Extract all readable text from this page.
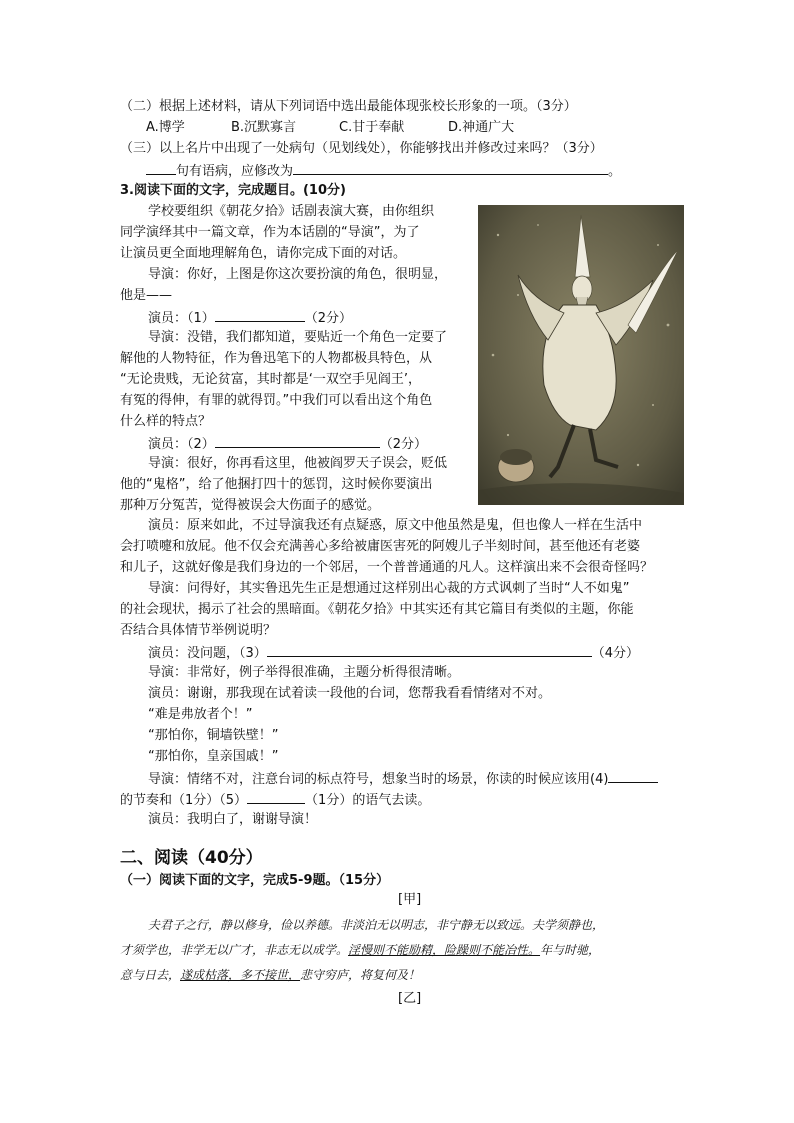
（二）根据上述材料，请从下列词语中选出最能体现张校长形象的一项。（3分）
A.博学	B.沉默寡言	C.甘于奉献	D.神通广大
（三）以上名片中出现了一处病句（见划线处），你能够找出并修改过来吗？（3分）
句有语病，应修改为	。
3.阅读下面的文字，完成题目。(10分)
学校要组织《朝花夕拾》话剧表演大赛，由你组织
同学演绎其中一篇文章，作为本话剧的“导演”，为了
让演员更全面地理解角色，请你完成下面的对话。
导演：你好，上图是你这次要扮演的角色，很明显，
他是——
演员：（1）	（2分）
导演：没错，我们都知道，要贴近一个角色一定要了
解他的人物特征，作为鲁迅笔下的人物都极具特色，从
“无论贵贱，无论贫富，其时都是‘一双空手见阎王’，
有冤的得伸，有罪的就得罚。”中我们可以看出这个角色
什么样的特点？
演员：（2）	（2分）
导演：很好，你再看这里，他被阎罗天子误会，贬低
他的“鬼格”，给了他捆打四十的惩罚，这时候你要演出
那种万分冤苦，觉得被误会大伤面子的感觉。
演员：原来如此，不过导演我还有点疑惑，原文中他虽然是鬼，但也像人一样在生活中
会打喷嚏和放屁。他不仅会充满善心多给被庸医害死的阿嫂儿子半刻时间，甚至他还有老婆
和儿子，这就好像是我们身边的一个邻居，一个普普通通的凡人。这样演出来不会很奇怪吗？
导演：问得好，其实鲁迅先生正是想通过这样别出心裁的方式讽刺了当时“人不如鬼”
的社会现状，揭示了社会的黑暗面。《朝花夕拾》中其实还有其它篇目有类似的主题，你能
否结合具体情节举例说明？
演员：没问题，（3）	（4分）
导演：非常好，例子举得很准确，主题分析得很清晰。
演员：谢谢，那我现在试着读一段他的台词，您帮我看看情绪对不对。
“难是弗放者个！”
“那怕你，铜墙铁壁！”
“那怕你，皇亲国戚！”
导演：情绪不对，注意台词的标点符号，想象当时的场景，你读的时候应该用(4)
的节奏和（1分）（5）	（1分）的语气去读。
演员：我明白了，谢谢导演！
二、阅读（40分）
（一）阅读下面的文字，完成5-9题。（15分）
[甲]
夫君子之行，静以修身，俭以养德。非淡泊无以明志，非宁静无以致远。夫学须静也，
才须学也，非学无以广才，非志无以成学。淫慢则不能励精，险躁则不能冶性。年与时驰，
意与日去，遂成枯落，多不接世，悲守穷庐，将复何及！
[乙]
